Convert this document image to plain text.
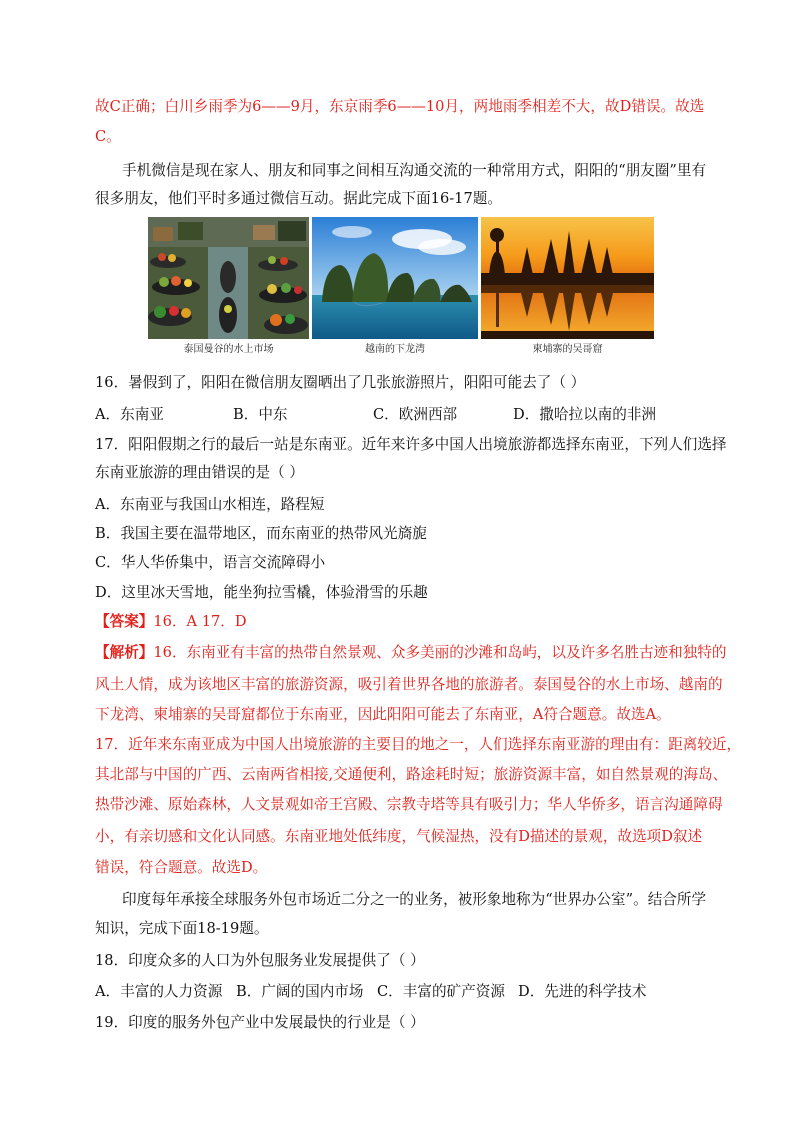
故C正确；白川乡雨季为6——9月，东京雨季6——10月，两地雨季相差不大，故D错误。故选
C。
手机微信是现在家人、朋友和同事之间相互沟通交流的一种常用方式，阳阳的“朋友圈”里有
很多朋友，他们平时多通过微信互动。据此完成下面16-17题。
泰国曼谷的水上市场	越南的下龙湾	柬埔寨的吴哥窟
16．暑假到了，阳阳在微信朋友圈晒出了几张旅游照片，阳阳可能去了（ ）
A．东南亚	B．中东	C．欧洲西部	D．撒哈拉以南的非洲
17．阳阳假期之行的最后一站是东南亚。近年来许多中国人出境旅游都选择东南亚，下列人们选择
东南亚旅游的理由错误的是（ ）
A．东南亚与我国山水相连，路程短
B．我国主要在温带地区，而东南亚的热带风光旖旎
C．华人华侨集中，语言交流障碍小
D．这里冰天雪地，能坐狗拉雪橇，体验滑雪的乐趣
【答案】16．A 17．D
【解析】16．东南亚有丰富的热带自然景观、众多美丽的沙滩和岛屿，以及许多名胜古迹和独特的
风土人情，成为该地区丰富的旅游资源，吸引着世界各地的旅游者。泰国曼谷的水上市场、越南的
下龙湾、柬埔寨的吴哥窟都位于东南亚，因此阳阳可能去了东南亚，A符合题意。故选A。
17．近年来东南亚成为中国人出境旅游的主要目的地之一，人们选择东南亚游的理由有：距离较近，
其北部与中国的广西、云南两省相接,交通便利，路途耗时短；旅游资源丰富，如自然景观的海岛、
热带沙滩、原始森林，人文景观如帝王宫殿、宗教寺塔等具有吸引力；华人华侨多，语言沟通障碍
小，有亲切感和文化认同感。东南亚地处低纬度，气候湿热，没有D描述的景观，故选项D叙述
错误，符合题意。故选D。
印度每年承接全球服务外包市场近二分之一的业务，被形象地称为“世界办公室”。结合所学
知识，完成下面18-19题。
18．印度众多的人口为外包服务业发展提供了（ ）
A．丰富的人力资源 B．广阔的国内市场 C．丰富的矿产资源 D．先进的科学技术
19．印度的服务外包产业中发展最快的行业是（ ）
